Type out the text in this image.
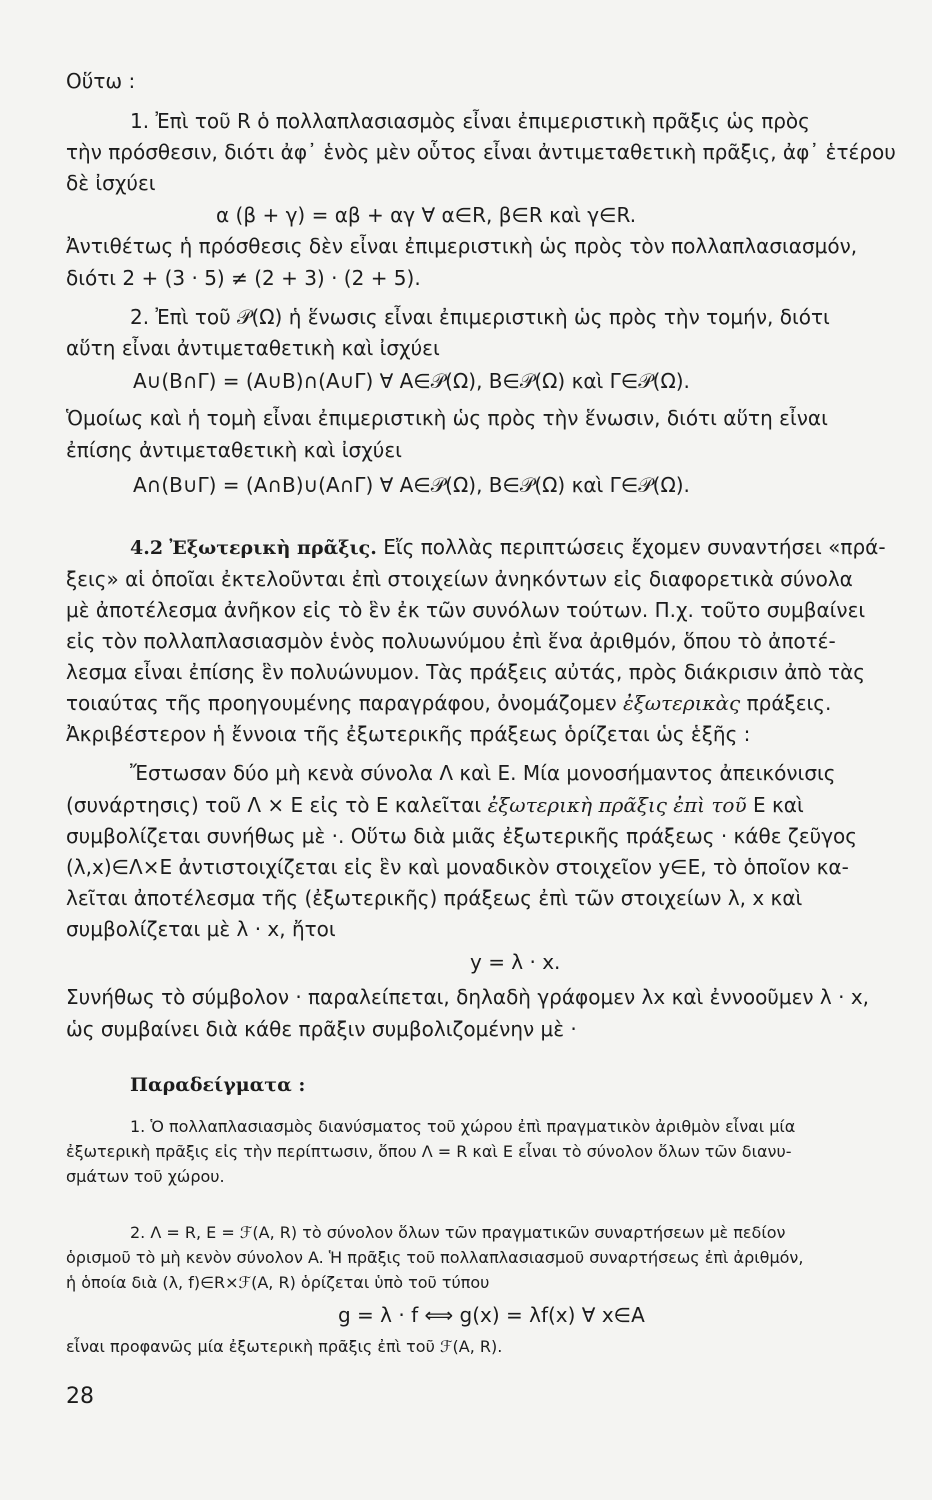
Οὕτω :
1. Ἐπὶ τοῦ R ὁ πολλαπλασιασμὸς εἶναι ἐπιμεριστικὴ πρᾶξις ὡς πρὸς
τὴν πρόσθεσιν, διότι ἀφ᾽ ἑνὸς μὲν οὗτος εἶναι ἀντιμεταθετικὴ πρᾶξις, ἀφ᾽ ἑτέρου
δὲ ἰσχύει
α (β + γ) = αβ + αγ ∀ α∈R, β∈R καὶ γ∈R.
Ἀντιθέτως ἡ πρόσθεσις δὲν εἶναι ἐπιμεριστικὴ ὡς πρὸς τὸν πολλαπλασιασμόν,
διότι 2 + (3 · 5) ≠ (2 + 3) · (2 + 5).
2. Ἐπὶ τοῦ 𝒫(Ω) ἡ ἕνωσις εἶναι ἐπιμεριστικὴ ὡς πρὸς τὴν τομήν, διότι
αὕτη εἶναι ἀντιμεταθετικὴ καὶ ἰσχύει
A∪(B∩Γ) = (A∪B)∩(A∪Γ) ∀ A∈𝒫(Ω), B∈𝒫(Ω) καὶ Γ∈𝒫(Ω).
Ὁμοίως καὶ ἡ τομὴ εἶναι ἐπιμεριστικὴ ὡς πρὸς τὴν ἕνωσιν, διότι αὕτη εἶναι
ἐπίσης ἀντιμεταθετικὴ καὶ ἰσχύει
A∩(B∪Γ) = (A∩B)∪(A∩Γ) ∀ A∈𝒫(Ω), B∈𝒫(Ω) καὶ Γ∈𝒫(Ω).
4.2 Ἐξωτερικὴ πρᾶξις. Εἴς πολλὰς περιπτώσεις ἔχομεν συναντήσει «πρά-
ξεις» αἱ ὁποῖαι ἐκτελοῦνται ἐπὶ στοιχείων ἀνηκόντων εἰς διαφορετικὰ σύνολα
μὲ ἀποτέλεσμα ἀνῆκον εἰς τὸ ἓν ἐκ τῶν συνόλων τούτων. Π.χ. τοῦτο συμβαίνει
εἰς τὸν πολλαπλασιασμὸν ἑνὸς πολυωνύμου ἐπὶ ἕνα ἀριθμόν, ὅπου τὸ ἀποτέ-
λεσμα εἶναι ἐπίσης ἓν πολυώνυμον. Τὰς πράξεις αὐτάς, πρὸς διάκρισιν ἀπὸ τὰς
τοιαύτας τῆς προηγουμένης παραγράφου, ὀνομάζομεν ἐξωτερικὰς πράξεις.
Ἀκριβέστερον ἡ ἔννοια τῆς ἐξωτερικῆς πράξεως ὁρίζεται ὡς ἑξῆς :
Ἔστωσαν δύο μὴ κενὰ σύνολα Λ καὶ E. Μία μονοσήμαντος ἀπεικόνισις
(συνάρτησις) τοῦ Λ × E εἰς τὸ E καλεῖται ἐξωτερικὴ πρᾶξις ἐπὶ τοῦ E καὶ
συμβολίζεται συνήθως μὲ ·. Οὕτω διὰ μιᾶς ἐξωτερικῆς πράξεως · κάθε ζεῦγος
(λ,x)∈Λ×E ἀντιστοιχίζεται εἰς ἓν καὶ μοναδικὸν στοιχεῖον y∈E, τὸ ὁποῖον κα-
λεῖται ἀποτέλεσμα τῆς (ἐξωτερικῆς) πράξεως ἐπὶ τῶν στοιχείων λ, x καὶ
συμβολίζεται μὲ λ · x, ἤτοι
y = λ · x.
Συνήθως τὸ σύμβολον · παραλείπεται, δηλαδὴ γράφομεν λx καὶ ἐννοοῦμεν λ · x,
ὡς συμβαίνει διὰ κάθε πρᾶξιν συμβολιζομένην μὲ ·
Παραδείγματα :
1. Ὁ πολλαπλασιασμὸς διανύσματος τοῦ χώρου ἐπὶ πραγματικὸν ἀριθμὸν εἶναι μία
ἐξωτερικὴ πρᾶξις εἰς τὴν περίπτωσιν, ὅπου Λ = R καὶ E εἶναι τὸ σύνολον ὅλων τῶν διανυ-
σμάτων τοῦ χώρου.
2. Λ = R, E = ℱ(A, R) τὸ σύνολον ὅλων τῶν πραγματικῶν συναρτήσεων μὲ πεδίον
ὁρισμοῦ τὸ μὴ κενὸν σύνολον A. Ἡ πρᾶξις τοῦ πολλαπλασιασμοῦ συναρτήσεως ἐπὶ ἀριθμόν,
ἡ ὁποία διὰ (λ, f)∈R×ℱ(A, R) ὁρίζεται ὑπὸ τοῦ τύπου
g = λ · f ⟺ g(x) = λf(x) ∀ x∈A
εἶναι προφανῶς μία ἐξωτερικὴ πρᾶξις ἐπὶ τοῦ ℱ(A, R).
28
